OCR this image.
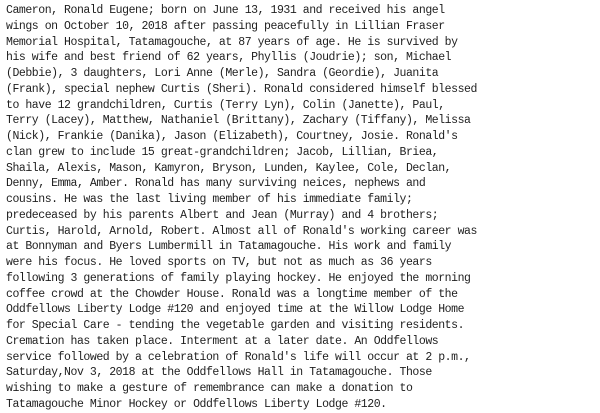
Cameron, Ronald Eugene; born on June 13, 1931 and received his angel
wings on October 10, 2018 after passing peacefully in Lillian Fraser
Memorial Hospital, Tatamagouche, at 87 years of age. He is survived by
his wife and best friend of 62 years, Phyllis (Joudrie); son, Michael
(Debbie), 3 daughters, Lori Anne (Merle), Sandra (Geordie), Juanita
(Frank), special nephew Curtis (Sheri). Ronald considered himself blessed
to have 12 grandchildren, Curtis (Terry Lyn), Colin (Janette), Paul,
Terry (Lacey), Matthew, Nathaniel (Brittany), Zachary (Tiffany), Melissa
(Nick), Frankie (Danika), Jason (Elizabeth), Courtney, Josie. Ronald's
clan grew to include 15 great-grandchildren; Jacob, Lillian, Briea,
Shaila, Alexis, Mason, Kamyron, Bryson, Lunden, Kaylee, Cole, Declan,
Denny, Emma, Amber. Ronald has many surviving neices, nephews and
cousins. He was the last living member of his immediate family;
predeceased by his parents Albert and Jean (Murray) and 4 brothers;
Curtis, Harold, Arnold, Robert. Almost all of Ronald's working career was
at Bonnyman and Byers Lumbermill in Tatamagouche. His work and family
were his focus. He loved sports on TV, but not as much as 36 years
following 3 generations of family playing hockey. He enjoyed the morning
coffee crowd at the Chowder House. Ronald was a longtime member of the
Oddfellows Liberty Lodge #120 and enjoyed time at the Willow Lodge Home
for Special Care - tending the vegetable garden and visiting residents.
Cremation has taken place. Interment at a later date. An Oddfellows
service followed by a celebration of Ronald's life will occur at 2 p.m.,
Saturday,Nov 3, 2018 at the Oddfellows Hall in Tatamagouche. Those
wishing to make a gesture of remembrance can make a donation to
Tatamagouche Minor Hockey or Oddfellows Liberty Lodge #120.
